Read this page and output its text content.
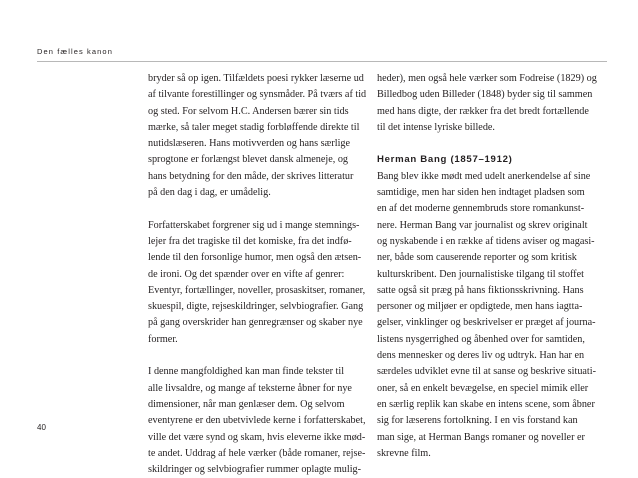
Den fælles kanon

bryder så op igen. Tilfældets poesi rykker læserne ud
af tilvante forestillinger og synsmåder. På tværs af tid
og sted. For selvom H.C. Andersen bærer sin tids
mærke, så taler meget stadig forbløffende direkte til
nutidslæseren. Hans motivverden og hans særlige
sprogtone er forlængst blevet dansk almeneje, og
hans betydning for den måde, der skrives litteratur
på den dag i dag, er umådelig.
Forfatterskabet forgrener sig ud i mange stemnings-
lejer fra det tragiske til det komiske, fra det indfø-
lende til den forsonlige humor, men også den ætsen-
de ironi. Og det spænder over en vifte af genrer:
Eventyr, fortællinger, noveller, prosaskitser, romaner,
skuespil, digte, rejseskildringer, selvbiografier. Gang
på gang overskrider han genregrænser og skaber nye
former.
I denne mangfoldighed kan man finde tekster til
alle livsaldre, og mange af teksterne åbner for nye
dimensioner, når man genlæser dem. Og selvom
eventyrene er den ubetvivlede kerne i forfatterskabet,
ville det være synd og skam, hvis eleverne ikke mød-
te andet. Uddrag af hele værker (både romaner, rejse-
skildringer og selvbiografier rummer oplagte mulig-
heder), men også hele værker som Fodreise (1829) og
Billedbog uden Billeder (1848) byder sig til sammen
med hans digte, der rækker fra det bredt fortællende
til det intense lyriske billede.
Herman Bang (1857–1912)
Bang blev ikke mødt med udelt anerkendelse af sine
samtidige, men har siden hen indtaget pladsen som
en af det moderne gennembruds store romankunst-
nere. Herman Bang var journalist og skrev originalt
og nyskabende i en række af tidens aviser og magasi-
ner, både som causerende reporter og som kritisk
kulturskribent. Den journalistiske tilgang til stoffet
satte også sit præg på hans fiktionsskrivning. Hans
personer og miljøer er opdigtede, men hans iagtta-
gelser, vinklinger og beskrivelser er præget af journa-
listens nysgerrighed og åbenhed over for samtiden,
dens mennesker og deres liv og udtryk. Han har en
særdeles udviklet evne til at sanse og beskrive situati-
oner, så en enkelt bevægelse, en speciel mimik eller
en særlig replik kan skabe en intens scene, som åbner
sig for læserens fortolkning. I en vis forstand kan
man sige, at Herman Bangs romaner og noveller er
skrevne film.

40
